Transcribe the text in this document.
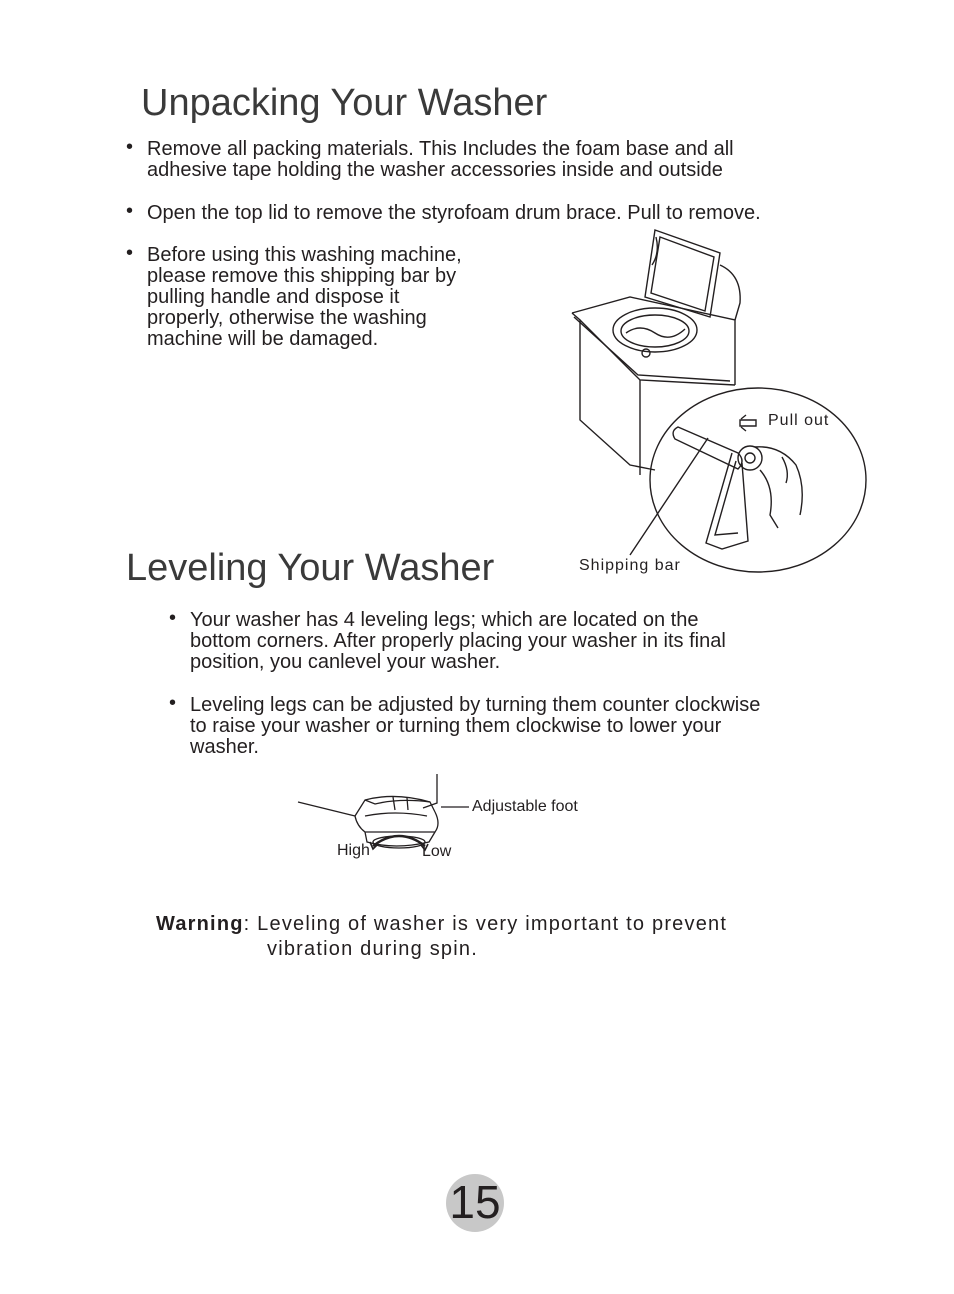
Unpacking Your Washer
• Remove all packing materials. This Includes the foam base and all

adhesive tape holding the washer accessories inside and outside

• Open the top lid to remove the styrofoam drum brace. Pull to remove.

• Before using this washing machine,

please remove this shipping bar by

pulling handle and dispose it

properly, otherwise the washing

machine will be damaged.

Pull out
Shipping bar
Leveling Your Washer
• Your washer has 4 leveling legs; which are located on the

bottom corners. After properly placing your washer in its final

position, you canlevel your washer.

• Leveling legs can be adjusted by turning them counter clockwise

to raise your washer or turning them clockwise to lower your

washer.

Adjustable foot
High	Low
Warning: Leveling of washer is very important to prevent
vibration during spin.
15
